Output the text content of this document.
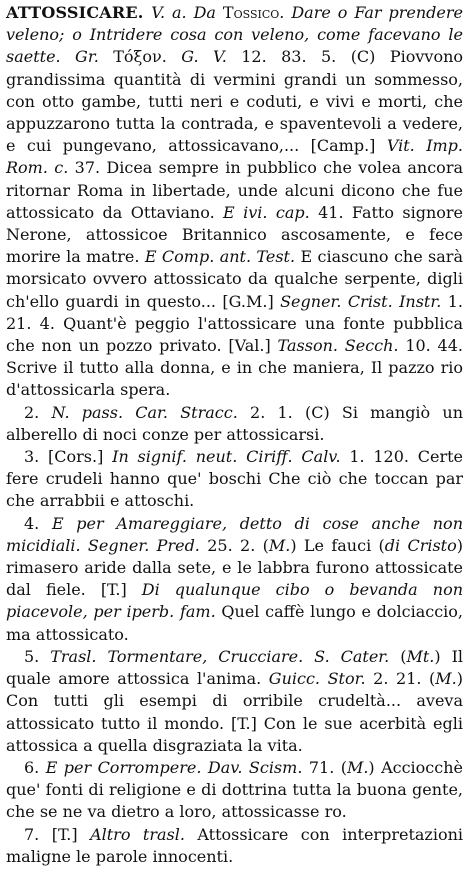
ATTOSSICARE. V. a. Da Tossico. Dare o Far prendere veleno; o Intridere cosa con veleno, come facevano le saette. Gr. Τόξον. G. V. 12. 83. 5. (C) Piovvono grandissima quantità di vermini grandi un sommesso, con otto gambe, tutti neri e coduti, e vivi e morti, che appuzzarono tutta la contrada, e spaventevoli a vedere, e cui pungevano, attossicavano,... [Camp.] Vit. Imp. Rom. c. 37. Dicea sempre in pubblico che volea ancora ritornar Roma in libertade, unde alcuni dicono che fue attossicato da Ottaviano. E ivi. cap. 41. Fatto signore Nerone, attossicoe Britannico ascosamente, e fece morire la matre. E Comp. ant. Test. E ciascuno che sarà morsicato ovvero attossicato da qualche serpente, digli ch'ello guardi in questo... [G.M.] Segner. Crist. Instr. 1. 21. 4. Quant'è peggio l'attossicare una fonte pubblica che non un pozzo privato. [Val.] Tasson. Secch. 10. 44. Scrive il tutto alla donna, e in che maniera, Il pazzo rio d'attossicarla spera.

2. N. pass. Car. Stracc. 2. 1. (C) Si mangiò un alberello di noci conze per attossicarsi.

3. [Cors.] In signif. neut. Ciriff. Calv. 1. 120. Certe fere crudeli hanno que' boschi Che ciò che toccan par che arrabbii e attoschi.

4. E per Amareggiare, detto di cose anche non micidiali. Segner. Pred. 25. 2. (M.) Le fauci (di Cristo) rimasero aride dalla sete, e le labbra furono attossicate dal fiele. [T.] Di qualunque cibo o bevanda non piacevole, per iperb. fam. Quel caffè lungo e dolciaccio, ma attossicato.

5. Trasl. Tormentare, Crucciare. S. Cater. (Mt.) Il quale amore attossica l'anima. Guicc. Stor. 2. 21. (M.) Con tutti gli esempi di orribile crudeltà... aveva attossicato tutto il mondo. [T.] Con le sue acerbità egli attossica a quella disgraziata la vita.

6. E per Corrompere. Dav. Scism. 71. (M.) Acciocchè que' fonti di religione e di dottrina tutta la buona gente, che se ne va dietro a loro, attossicasse ro.

7. [T.] Altro trasl. Attossicare con interpretazioni maligne le parole innocenti.
